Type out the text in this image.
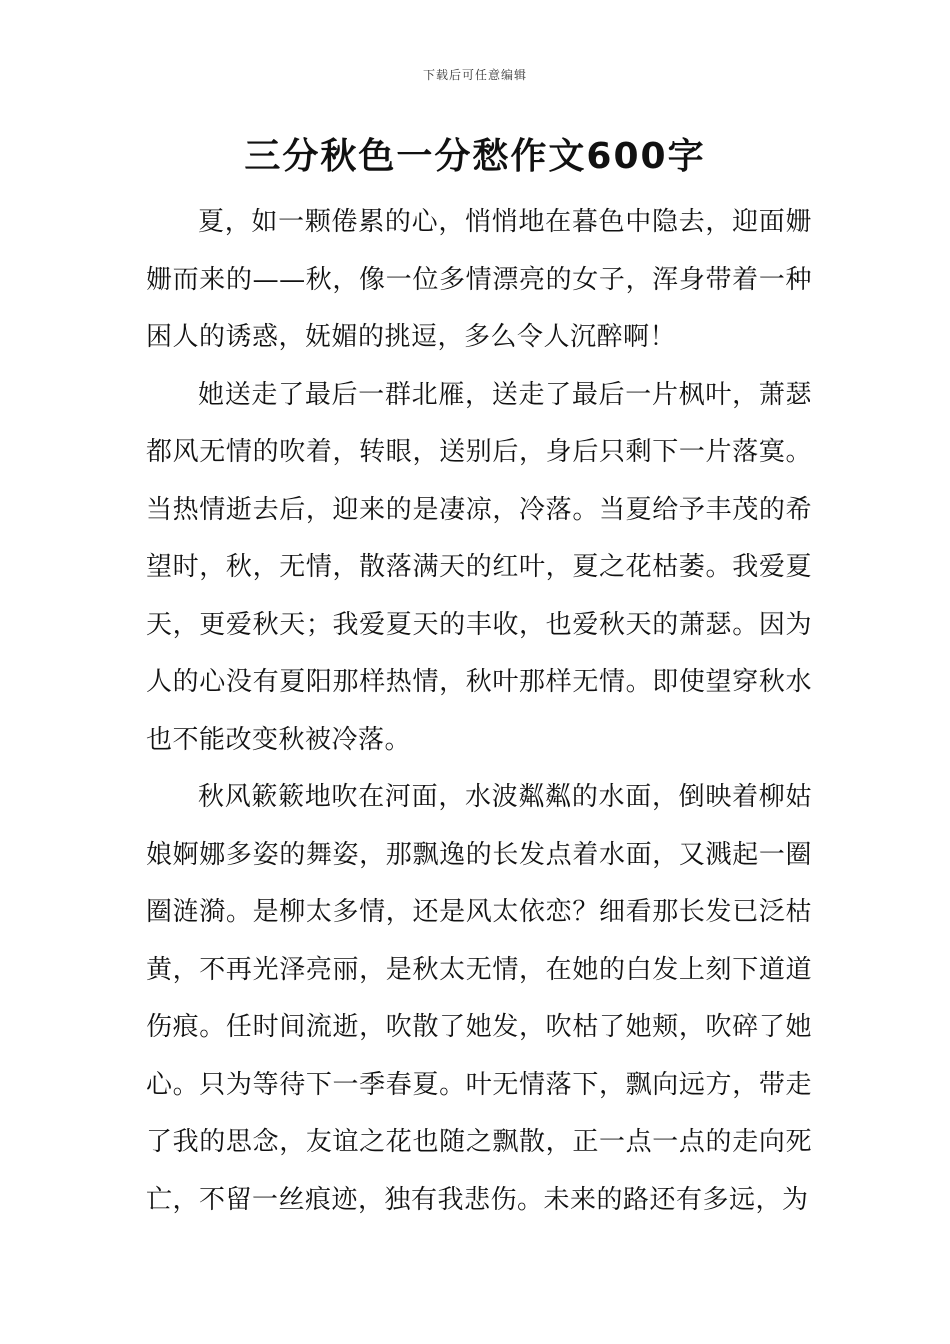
下载后可任意编辑
三分秋色一分愁作文600字

夏，如一颗倦累的心，悄悄地在暮色中隐去，迎面姗姗而来的——秋，像一位多情漂亮的女子，浑身带着一种困人的诱惑，妩媚的挑逗，多么令人沉醉啊！

她送走了最后一群北雁，送走了最后一片枫叶，萧瑟都风无情的吹着，转眼，送别后，身后只剩下一片落寞。当热情逝去后，迎来的是凄凉，冷落。当夏给予丰茂的希望时，秋，无情，散落满天的红叶，夏之花枯萎。我爱夏天，更爱秋天；我爱夏天的丰收，也爱秋天的萧瑟。因为人的心没有夏阳那样热情，秋叶那样无情。即使望穿秋水也不能改变秋被冷落。

秋风簌簌地吹在河面，水波粼粼的水面，倒映着柳姑娘婀娜多姿的舞姿，那飘逸的长发点着水面，又溅起一圈圈涟漪。是柳太多情，还是风太依恋？细看那长发已泛枯黄，不再光泽亮丽，是秋太无情，在她的白发上刻下道道伤痕。任时间流逝，吹散了她发，吹枯了她颊，吹碎了她心。只为等待下一季春夏。叶无情落下，飘向远方，带走了我的思念，友谊之花也随之飘散，正一点一点的走向死亡，不留一丝痕迹，独有我悲伤。未来的路还有多远，为
